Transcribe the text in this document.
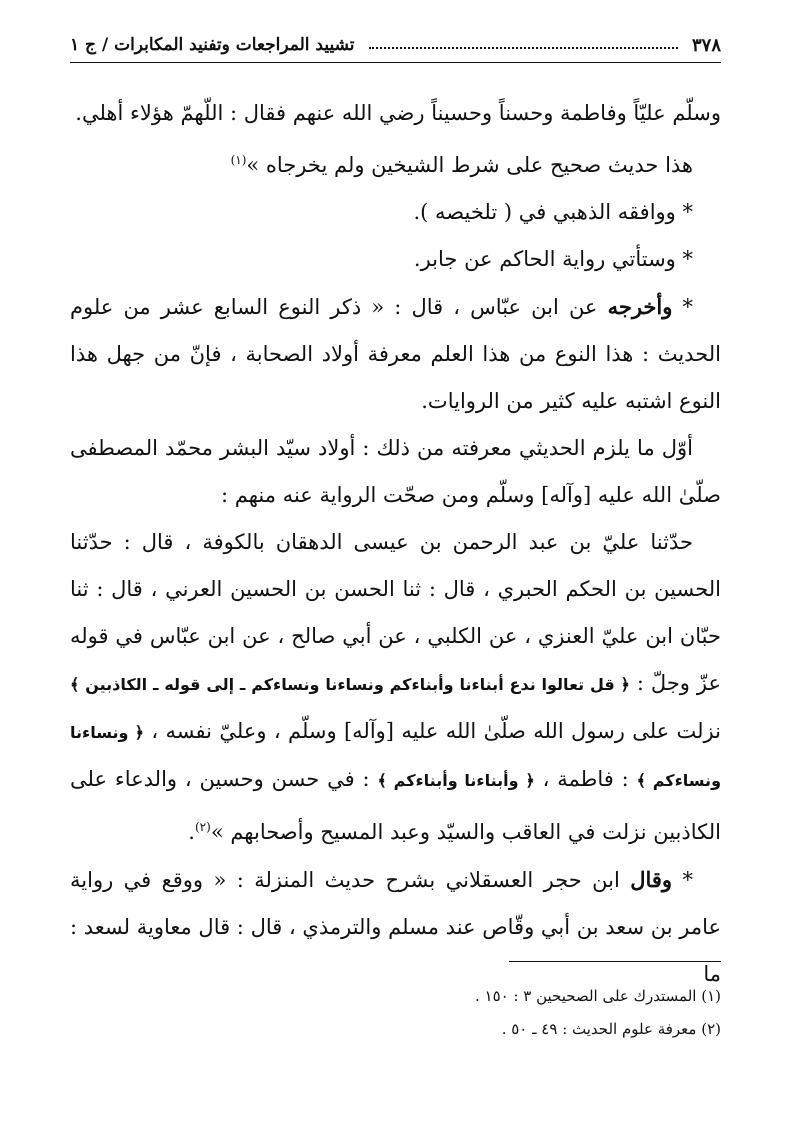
٣٧٨
تشييد المراجعات وتفنيد المكابرات / ج ١

وسلّم عليّاً وفاطمة وحسناً وحسيناً رضي الله عنهم فقال : اللّهمّ هؤلاء أهلي.

هذا حديث صحيح على شرط الشيخين ولم يخرجاه »$^{(١)}$

* ووافقه الذهبي في ( تلخيصه ).

* وستأتي رواية الحاكم عن جابر.

* وأخرجه عن ابن عبّاس ، قال : « ذكر النوع السابع عشر من علوم الحديث : هذا النوع من هذا العلم معرفة أولاد الصحابة ، فإنّ من جهل هذا النوع اشتبه عليه كثير من الروايات.

أوّل ما يلزم الحديثي معرفته من ذلك : أولاد سيّد البشر محمّد المصطفى صلّىٰ الله عليه [وآله] وسلّم ومن صحّت الرواية عنه منهم :

حدّثنا عليّ بن عبد الرحمن بن عيسى الدهقان بالكوفة ، قال : حدّثنا الحسين بن الحكم الحبري ، قال : ثنا الحسن بن الحسين العرني ، قال : ثنا حبّان ابن عليّ العنزي ، عن الكلبي ، عن أبي صالح ، عن ابن عبّاس في قوله عزّ وجلّ : ﴿ قل تعالوا ندع أبناءنا وأبناءكم ونساءنا ونساءكم ـ إلى قوله ـ الكاذبين ﴾ نزلت على رسول الله صلّىٰ الله عليه [وآله] وسلّم ، وعليّ نفسه ، ﴿ ونساءنا ونساءكم ﴾ : فاطمة ، ﴿ وأبناءنا وأبناءكم ﴾ : في حسن وحسين ، والدعاء على الكاذبين نزلت في العاقب والسيّد وعبد المسيح وأصحابهم »$^{(٢)}$.

* وقال ابن حجر العسقلاني بشرح حديث المنزلة : « ووقع في رواية عامر بن سعد بن أبي وقّاص عند مسلم والترمذي ، قال : قال معاوية لسعد : ما

(١) المستدرك على الصحيحين ٣ : ١٥٠ .

(٢) معرفة علوم الحديث : ٤٩ ـ ٥٠ .
